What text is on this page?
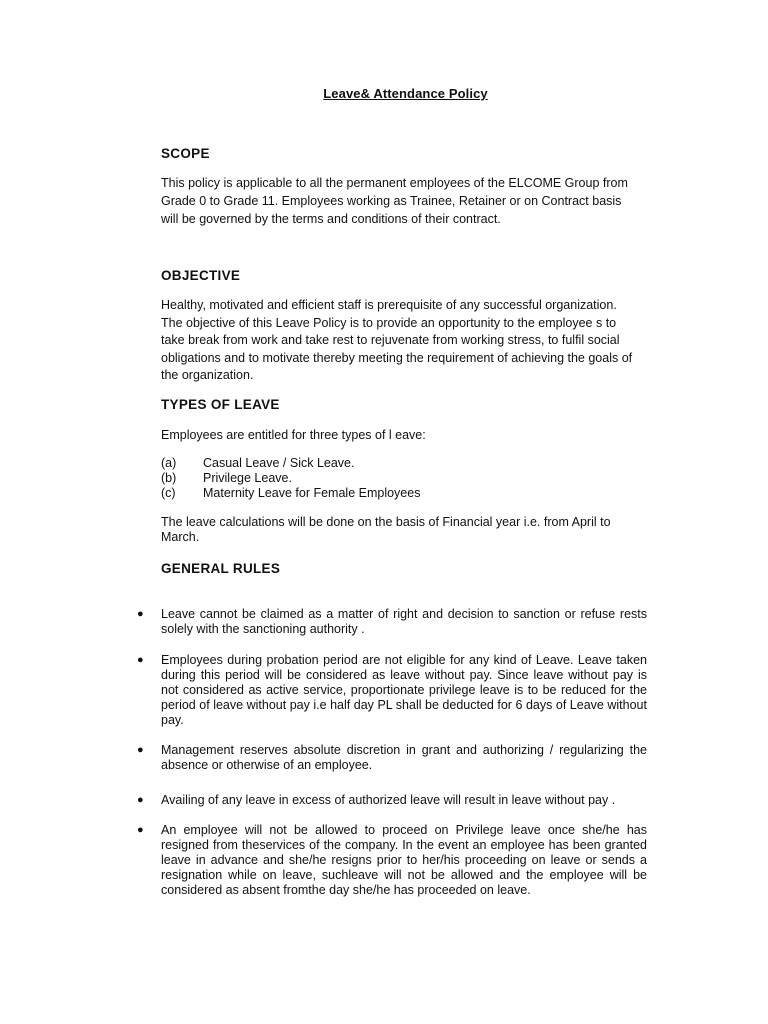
Leave& Attendance Policy
SCOPE

This policy is applicable to all the permanent employees of the ELCOME Group from

Grade 0 to Grade 11. Employees working as Trainee, Retainer or on Contract basis

will be governed by the terms and conditions of their contract.

OBJECTIVE

Healthy, motivated and efficient staff is prerequisite of any successful organization.

The objective of this Leave Policy is to provide an opportunity to the employee s to

take break from work and take rest to rejuvenate from working stress, to fulfil social

obligations and to motivate thereby meeting the requirement of achieving the goals of

the organization.

TYPES OF LEAVE
Employees are entitled for three types of l eave:
(a) Casual Leave / Sick Leave.
(b) Privilege Leave.
(c) Maternity Leave for Female Employees

The leave calculations will be done on the basis of Financial year i.e. from April to

March.

GENERAL RULES
● Leave cannot be claimed as a matter of right and decision to sanction or refuse rests solely with the sanctioning authority .
● Employees during probation period are not eligible for any kind of Leave. Leave taken during this period will be considered as leave without pay. Since leave without pay is not considered as active service, proportionate privilege leave is to be reduced for the period of leave without pay i.e half day PL shall be deducted for 6 days of Leave without pay.
● Management reserves absolute discretion in grant and authorizing / regularizing the absence or otherwise of an employee.
● Availing of any leave in excess of authorized leave will result in leave without pay .
● An employee will not be allowed to proceed on Privilege leave once she/he has resigned from theservices of the company. In the event an employee has been granted leave in advance and she/he resigns prior to her/his proceeding on leave or sends a resignation while on leave, suchleave will not be allowed and the employee will be considered as absent fromthe day she/he has proceeded on leave.
